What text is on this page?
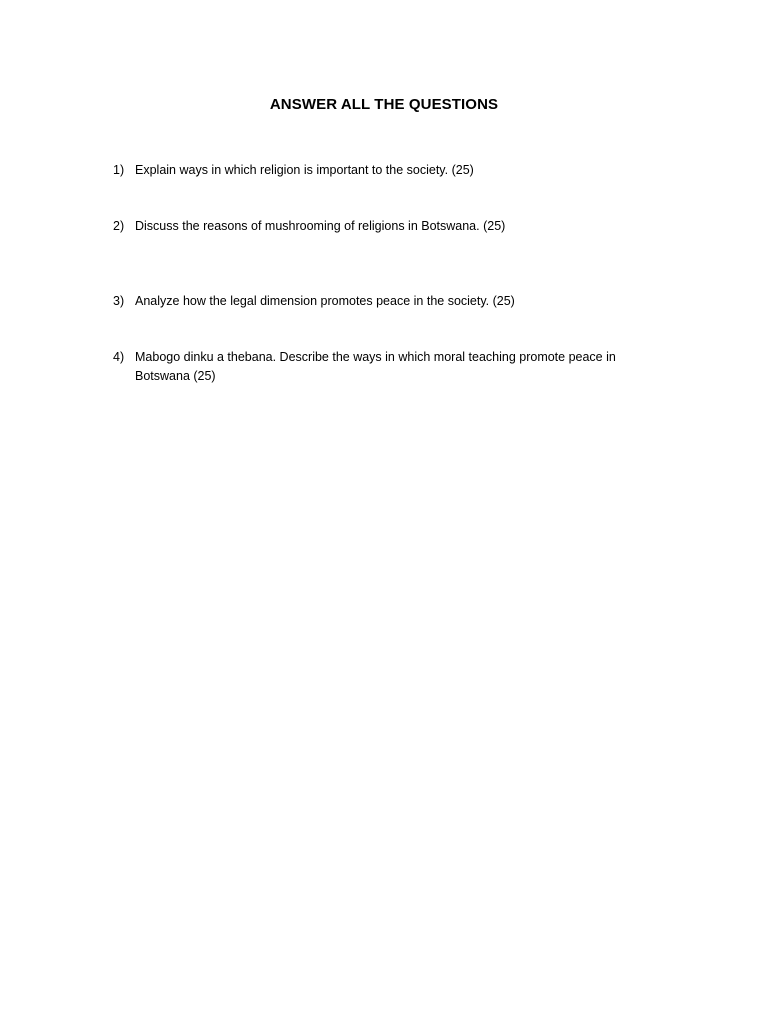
ANSWER ALL THE QUESTIONS
1) Explain ways in which religion is important to the society. (25)
2) Discuss the reasons of mushrooming of religions in Botswana. (25)
3) Analyze how the legal dimension promotes peace in the society. (25)
4) Mabogo dinku a thebana. Describe the ways in which moral teaching promote peace in Botswana (25)
